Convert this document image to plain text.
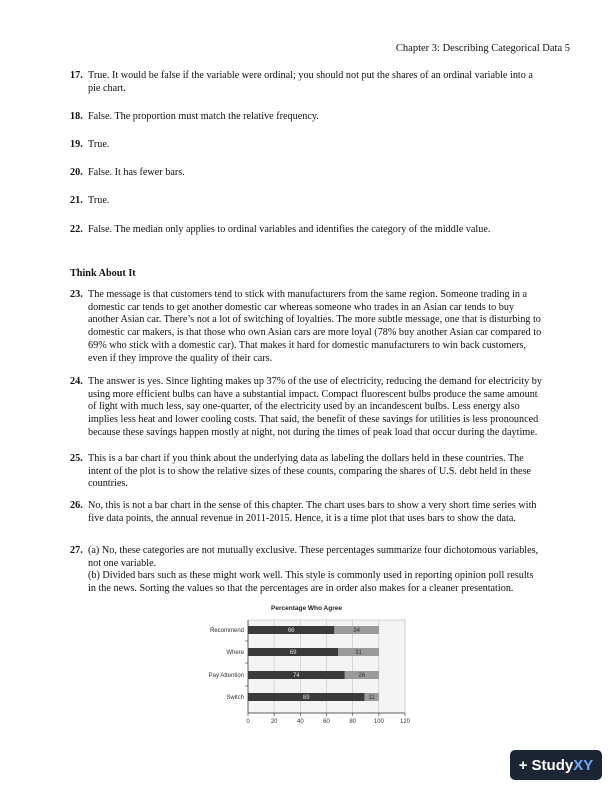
Chapter 3: Describing Categorical Data 5
17. True. It would be false if the variable were ordinal; you should not put the shares of an ordinal variable into a
pie chart.
18. False. The proportion must match the relative frequency.
19. True.
20. False. It has fewer bars.
21. True.
22. False. The median only applies to ordinal variables and identifies the category of the middle value.
Think About It
23. The message is that customers tend to stick with manufacturers from the same region. Someone trading in a
domestic car tends to get another domestic car whereas someone who trades in an Asian car tends to buy
another Asian car. There’s not a lot of switching of loyalties. The more subtle message, one that is disturbing to
domestic car makers, is that those who own Asian cars are more loyal (78% buy another Asian car compared to
69% who stick with a domestic car). That makes it hard for domestic manufacturers to win back customers,
even if they improve the quality of their cars.
24. The answer is yes. Since lighting makes up 37% of the use of electricity, reducing the demand for electricity by
using more efficient bulbs can have a substantial impact. Compact fluorescent bulbs produce the same amount
of light with much less, say one-quarter, of the electricity used by an incandescent bulbs. Less energy also
implies less heat and lower cooling costs. That said, the benefit of these savings for utilities is less pronounced
because these savings happen mostly at night, not during the times of peak load that occur during the daytime.
25. This is a bar chart if you think about the underlying data as labeling the dollars held in these countries. The
intent of the plot is to show the relative sizes of these counts, comparing the shares of U.S. debt held in these
countries.
26. No, this is not a bar chart in the sense of this chapter. The chart uses bars to show a very short time series with
five data points, the annual revenue in 2011-2015. Hence, it is a time plot that uses bars to show the data.
27. (a) No, these categories are not mutually exclusive. These percentages summarize four dichotomous variables,
not one variable.
(b) Divided bars such as these might work well. This style is commonly used in reporting opinion poll results
in the news. Sorting the values so that the percentages are in order also makes for a cleaner presentation.
Percentage Who Agree
0	20	40	60	80	100	120
Recommend	66	34
Where	69	31
Pay Attention	74	26
Switch	89	11
+ StudyXY
